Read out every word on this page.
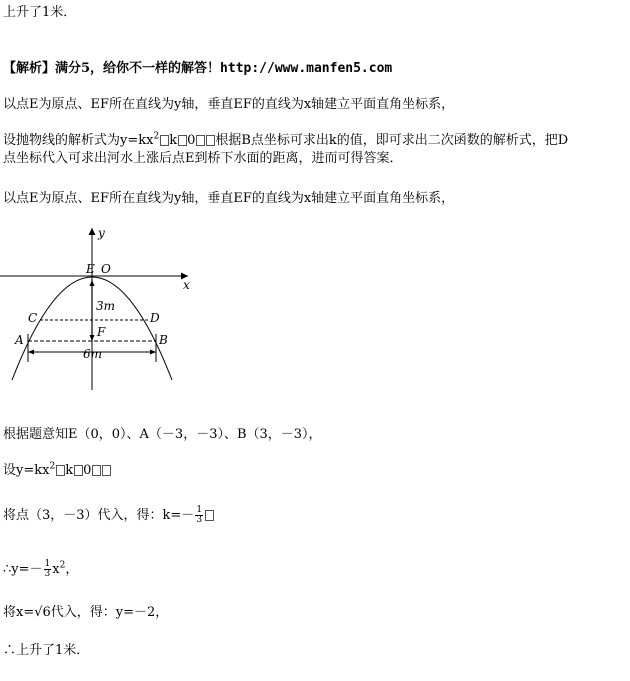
上升了1米．
【解析】满分5，给你不一样的解答！http://www.manfen5.com
以点E为原点、EF所在直线为y轴，垂直EF的直线为x轴建立平面直角坐标系，
设抛物线的解析式为$y=kx^2$ k 0 根据B点坐标可求出k的值，即可求出二次函数的解析式，把D
点坐标代入可求出河水上涨后点E到桥下水面的距离，进而可得答案．
以点E为原点、EF所在直线为y轴，垂直EF的直线为x轴建立平面直角坐标系，
y
x
E O
3m
C	D
F
A	B
6m
根据题意知E（0，0）、A（－3，－3）、B（3，－3），
设$y=kx^2$ k 0
将点（3，－3）代入，得：$k=- \frac{1}{3}$
∴y=－ $\frac{1}{3} x^2$，
将x=√6代入，得：y=－2，
∴上升了1米．
